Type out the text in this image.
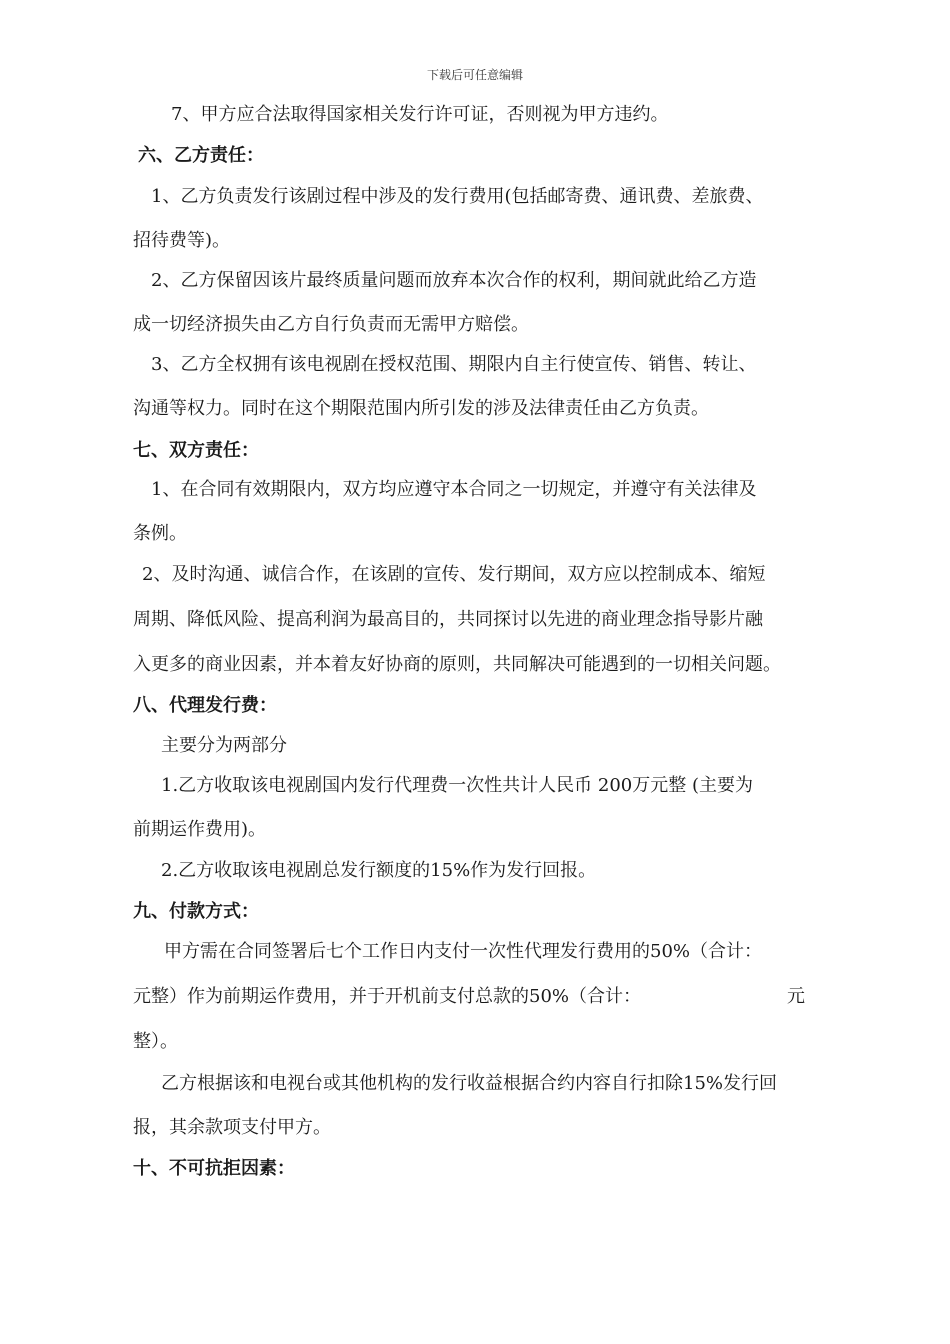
下载后可任意编辑
7、甲方应合法取得国家相关发行许可证，否则视为甲方违约。
六、乙方责任：
1、乙方负责发行该剧过程中涉及的发行费用(包括邮寄费、通讯费、差旅费、
招待费等)。
2、乙方保留因该片最终质量问题而放弃本次合作的权利，期间就此给乙方造
成一切经济损失由乙方自行负责而无需甲方赔偿。
3、乙方全权拥有该电视剧在授权范围、期限内自主行使宣传、销售、转让、
沟通等权力。同时在这个期限范围内所引发的涉及法律责任由乙方负责。
七、双方责任：
1、在合同有效期限内，双方均应遵守本合同之一切规定，并遵守有关法律及
条例。
2、及时沟通、诚信合作，在该剧的宣传、发行期间，双方应以控制成本、缩短
周期、降低风险、提高利润为最高目的，共同探讨以先进的商业理念指导影片融
入更多的商业因素，并本着友好协商的原则，共同解决可能遇到的一切相关问题。
八、代理发行费：
主要分为两部分
1.乙方收取该电视剧国内发行代理费一次性共计人民币 200万元整 (主要为
前期运作费用)。
2.乙方收取该电视剧总发行额度的15%作为发行回报。
九、付款方式：
甲方需在合同签署后七个工作日内支付一次性代理发行费用的50%（合计：
元整）作为前期运作费用，并于开机前支付总款的50%（合计：	元
整）。
乙方根据该和电视台或其他机构的发行收益根据合约内容自行扣除15%发行回
报，其余款项支付甲方。
十、不可抗拒因素：
